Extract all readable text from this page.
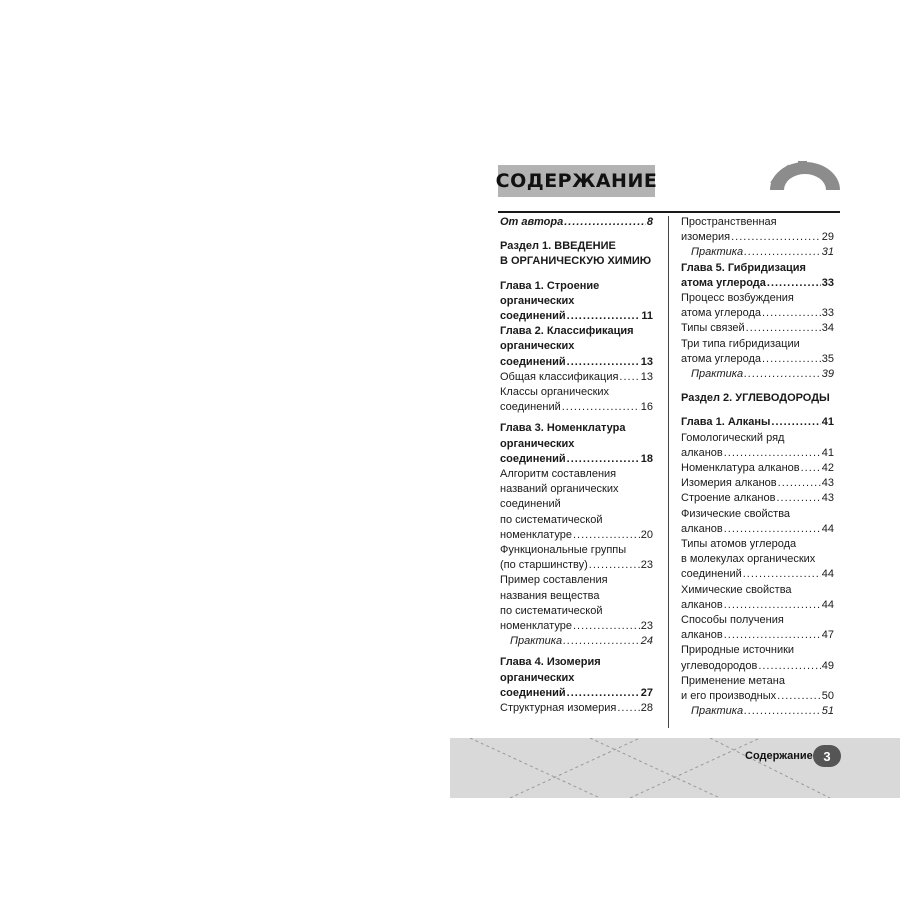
СОДЕРЖАНИЕ
От автора .....	8
Раздел 1. ВВЕДЕНИЕ
В ОРГАНИЧЕСКУЮ ХИМИЮ
Глава 1. Строение
органических
соединений .....	11
Глава 2. Классификация
органических
соединений .....	13
Общая классификация ..... 13
Классы органических
соединений .....	16
Глава 3. Номенклатура
органических
соединений .....	18
Алгоритм составления
названий органических
соединений
по систематической
номенклатуре .....	20
Функциональные группы
(по старшинству) .....	23
Пример составления
названия вещества
по систематической
номенклатуре .....	23
Практика .....	24
Глава 4. Изомерия
органических
соединений .....	27
Структурная изомерия ..... 28
Пространственная
изомерия .....	29
Практика .....	31
Глава 5. Гибридизация
атома углерода .....	33
Процесс возбуждения
атома углерода .....	33
Типы связей .....	34
Три типа гибридизации
атома углерода .....	35
Практика .....	39
Раздел 2. УГЛЕВОДОРОДЫ
Глава 1. Алканы .....	41
Гомологический ряд
алканов .....	41
Номенклатура алканов ..... 42
Изомерия алканов .....	43
Строение алканов .....	43
Физические свойства
алканов .....	44
Типы атомов углерода
в молекулах органических
соединений .....	44
Химические свойства
алканов .....	44
Способы получения
алканов .....	47
Природные источники
углеводородов .....	49
Применение метана
и его производных .....	50
Практика .....	51
Содержание 3
